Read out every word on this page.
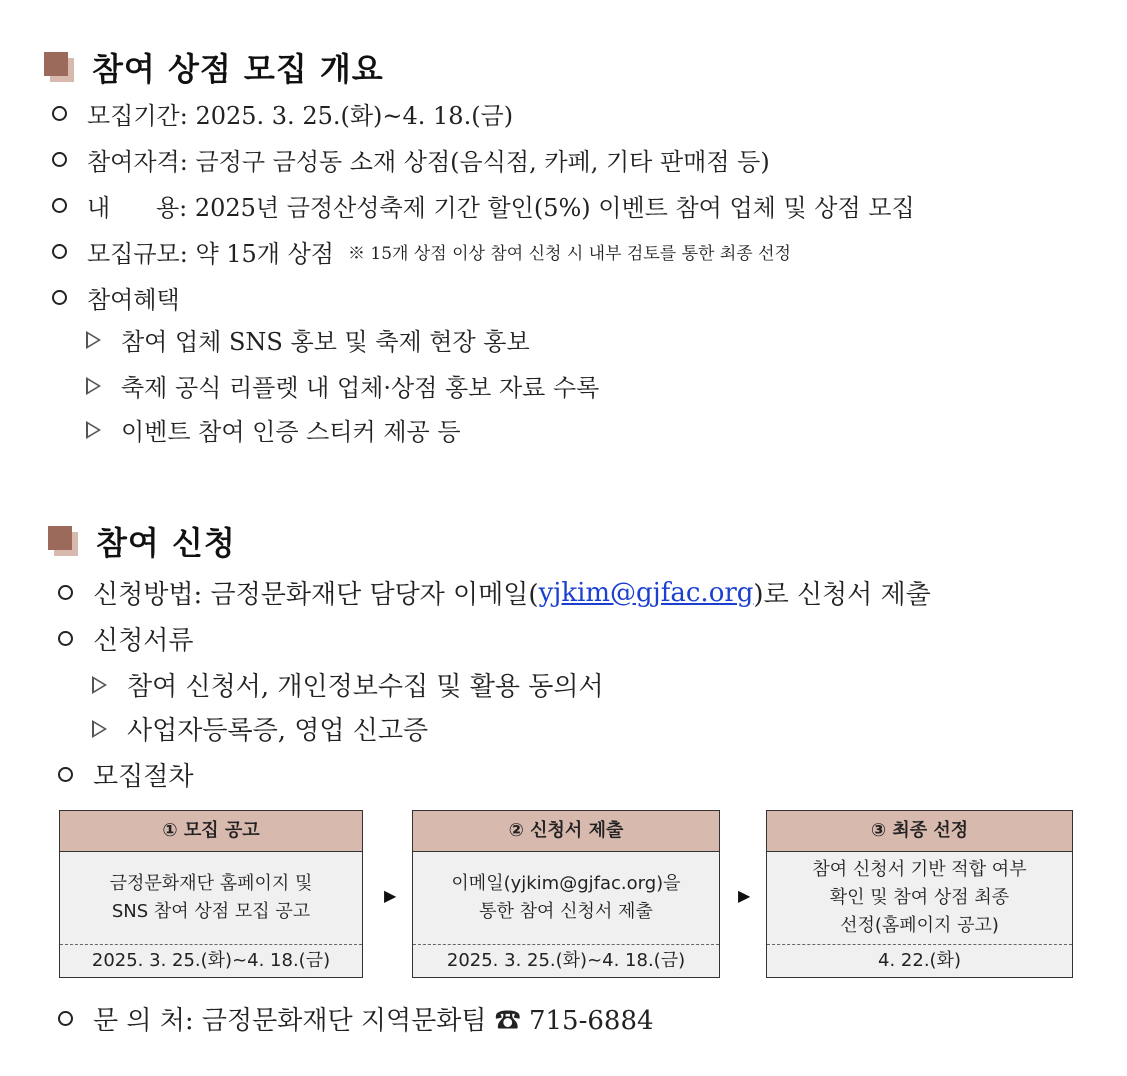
참여 상점 모집 개요
모집기간: 2025. 3. 25.(화)~4. 18.(금)
참여자격: 금정구 금성동 소재 상점(음식점, 카페, 기타 판매점 등)
내      용: 2025년 금정산성축제 기간 할인(5%) 이벤트 참여 업체 및 상점 모집
모집규모: 약 15개 상점 ※ 15개 상점 이상 참여 신청 시 내부 검토를 통한 최종 선정
참여혜택
참여 업체 SNS 홍보 및 축제 현장 홍보
축제 공식 리플렛 내 업체·상점 홍보 자료 수록
이벤트 참여 인증 스티커 제공 등
참여 신청
신청방법: 금정문화재단 담당자 이메일( yjkim@gjfac.org )로 신청서 제출
신청서류
참여 신청서, 개인정보수집 및 활용 동의서
사업자등록증, 영업 신고증
모집절차
① 모집 공고
금정문화재단 홈페이지 및
SNS 참여 상점 모집 공고
2025. 3. 25.(화)~4. 18.(금)
▶
② 신청서 제출
이메일(yjkim@gjfac.org)을
통한 참여 신청서 제출
2025. 3. 25.(화)~4. 18.(금)
▶
③ 최종 선정
참여 신청서 기반 적합 여부
확인 및 참여 상점 최종
선정(홈페이지 공고)
4. 22.(화)
문 의 처: 금정문화재단 지역문화팀 ☎ 715-6884
